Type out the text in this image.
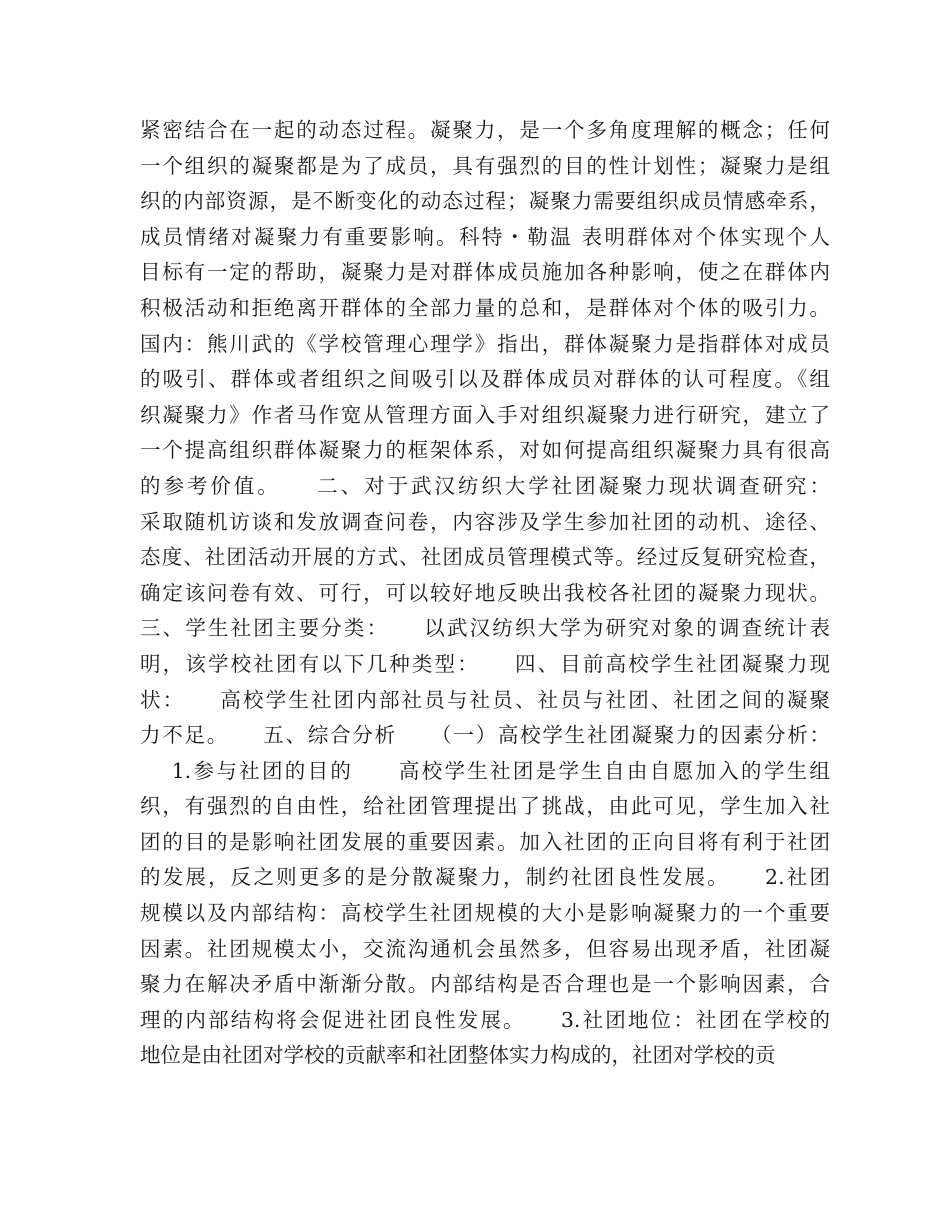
紧密结合在一起的动态过程。凝聚力，是一个多角度理解的概念；任何
一个组织的凝聚都是为了成员，具有强烈的目的性计划性；凝聚力是组
织的内部资源，是不断变化的动态过程；凝聚力需要组织成员情感牵系，
成员情绪对凝聚力有重要影响。科特・勒温 表明群体对个体实现个人
目标有一定的帮助，凝聚力是对群体成员施加各种影响，使之在群体内
积极活动和拒绝离开群体的全部力量的总和，是群体对个体的吸引力。
国内：熊川武的《学校管理心理学》指出，群体凝聚力是指群体对成员
的吸引、群体或者组织之间吸引以及群体成员对群体的认可程度。《组
织凝聚力》作者马作宽从管理方面入手对组织凝聚力进行研究，建立了
一个提高组织群体凝聚力的框架体系，对如何提高组织凝聚力具有很高
的参考价值。　　二、对于武汉纺织大学社团凝聚力现状调查研究：
采取随机访谈和发放调查问卷，内容涉及学生参加社团的动机、途径、
态度、社团活动开展的方式、社团成员管理模式等。经过反复研究检查，
确定该问卷有效、可行，可以较好地反映出我校各社团的凝聚力现状。
三、学生社团主要分类：　　以武汉纺织大学为研究对象的调查统计表
明，该学校社团有以下几种类型：　　四、目前高校学生社团凝聚力现
状：　　高校学生社团内部社员与社员、社员与社团、社团之间的凝聚
力不足。　　五、综合分析　　（一）高校学生社团凝聚力的因素分析：
　 1.参与社团的目的　　高校学生社团是学生自由自愿加入的学生组
织，有强烈的自由性，给社团管理提出了挑战，由此可见，学生加入社
团的目的是影响社团发展的重要因素。加入社团的正向目将有利于社团
的发展，反之则更多的是分散凝聚力，制约社团良性发展。　　2.社团
规模以及内部结构：高校学生社团规模的大小是影响凝聚力的一个重要
因素。社团规模太小，交流沟通机会虽然多，但容易出现矛盾，社团凝
聚力在解决矛盾中渐渐分散。内部结构是否合理也是一个影响因素，合
理的内部结构将会促进社团良性发展。　　3.社团地位：社团在学校的
地位是由社团对学校的贡献率和社团整体实力构成的，社团对学校的贡
